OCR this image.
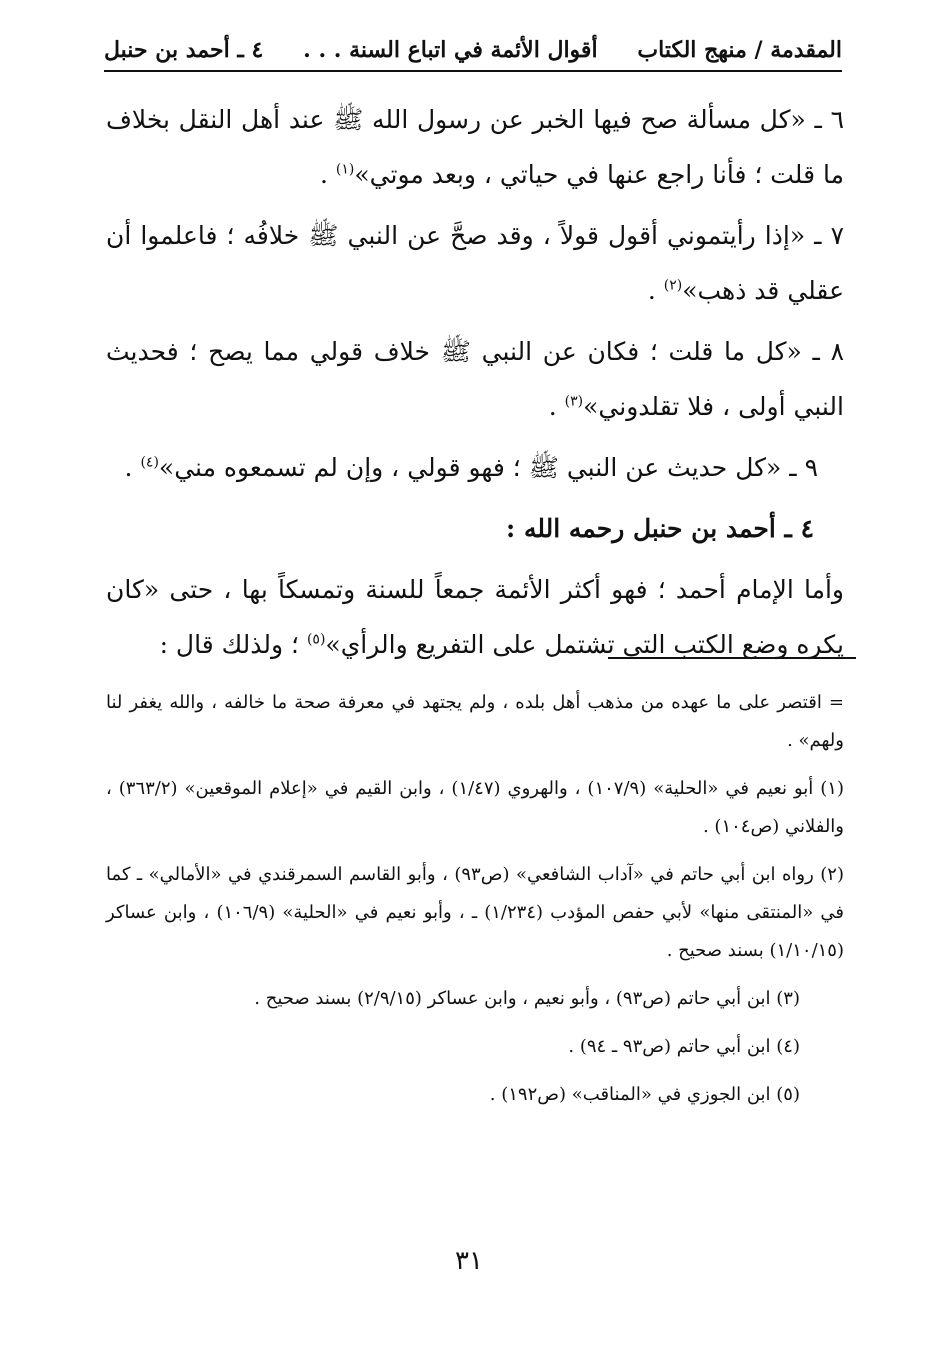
المقدمة / منهج الكتاب
أقوال الأئمة في اتباع السنة . . .
٤ ـ أحمد بن حنبل

٦ ـ «كل مسألة صح فيها الخبر عن رسول الله ﷺ عند أهل النقل بخلاف ما قلت ؛ فأنا راجع عنها في حياتي ، وبعد موتي»$^{(١)}$ .

٧ ـ «إذا رأيتموني أقول قولاً ، وقد صحَّ عن النبي ﷺ خلافُه ؛ فاعلموا أن عقلي قد ذهب»$^{(٢)}$ .

٨ ـ «كل ما قلت ؛ فكان عن النبي ﷺ خلاف قولي مما يصح ؛ فحديث النبي أولى ، فلا تقلدوني»$^{(٣)}$ .

٩ ـ «كل حديث عن النبي ﷺ ؛ فهو قولي ، وإن لم تسمعوه مني»$^{(٤)}$ .

٤ ـ أحمد بن حنبل رحمه الله :

وأما الإمام أحمد ؛ فهو أكثر الأئمة جمعاً للسنة وتمسكاً بها ، حتى «كان يكره وضع الكتب التي تشتمل على التفريع والرأي»$^{(٥)}$ ؛ ولذلك قال :

= اقتصر على ما عهده من مذهب أهل بلده ، ولم يجتهد في معرفة صحة ما خالفه ، والله يغفر لنا ولهم» .

(١) أبو نعيم في «الحلية» (١٠٧/٩) ، والهروي (١/٤٧) ، وابن القيم في «إعلام الموقعين» (٣٦٣/٢) ، والفلاني (ص١٠٤) .

(٢) رواه ابن أبي حاتم في «آداب الشافعي» (ص٩٣) ، وأبو القاسم السمرقندي في «الأمالي» ـ كما في «المنتقى منها» لأبي حفص المؤدب (١/٢٣٤) ـ ، وأبو نعيم في «الحلية» (١٠٦/٩) ، وابن عساكر (١/١٠/١٥) بسند صحيح .

(٣) ابن أبي حاتم (ص٩٣) ، وأبو نعيم ، وابن عساكر (٢/٩/١٥) بسند صحيح .

(٤) ابن أبي حاتم (ص٩٣ ـ ٩٤) .

(٥) ابن الجوزي في «المناقب» (ص١٩٢) .

٣١
